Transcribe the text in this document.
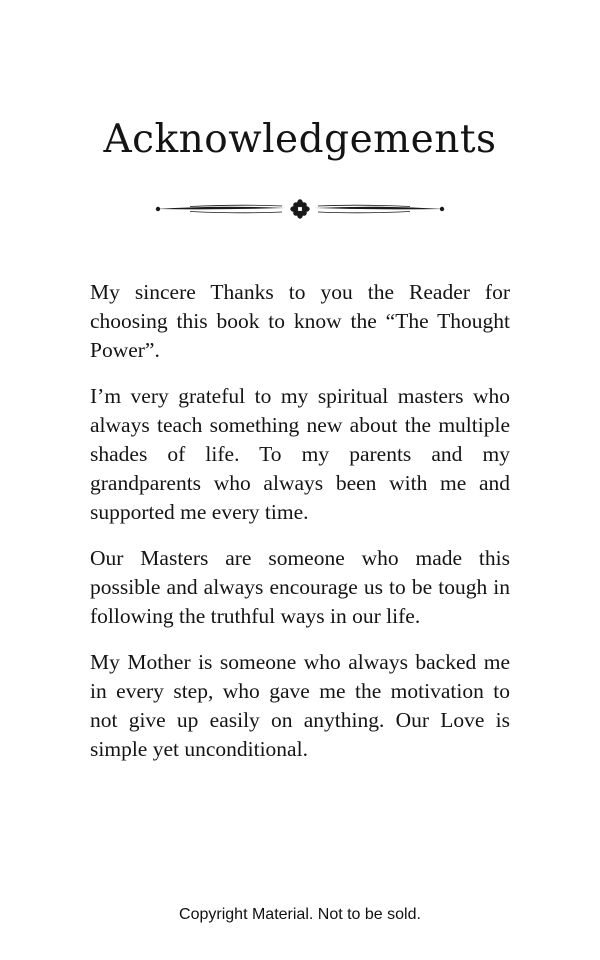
Acknowledgements

My sincere Thanks to you the Reader for choosing this book to know the “The Thought Power”.

I’m very grateful to my spiritual masters who always teach something new about the multiple shades of life. To my parents and my grandparents who always been with me and supported me every time.

Our Masters are someone who made this possible and always encourage us to be tough in following the truthful ways in our life.

My Mother is someone who always backed me in every step, who gave me the motivation to not give up easily on anything. Our Love is simple yet unconditional.

Copyright Material. Not to be sold.
